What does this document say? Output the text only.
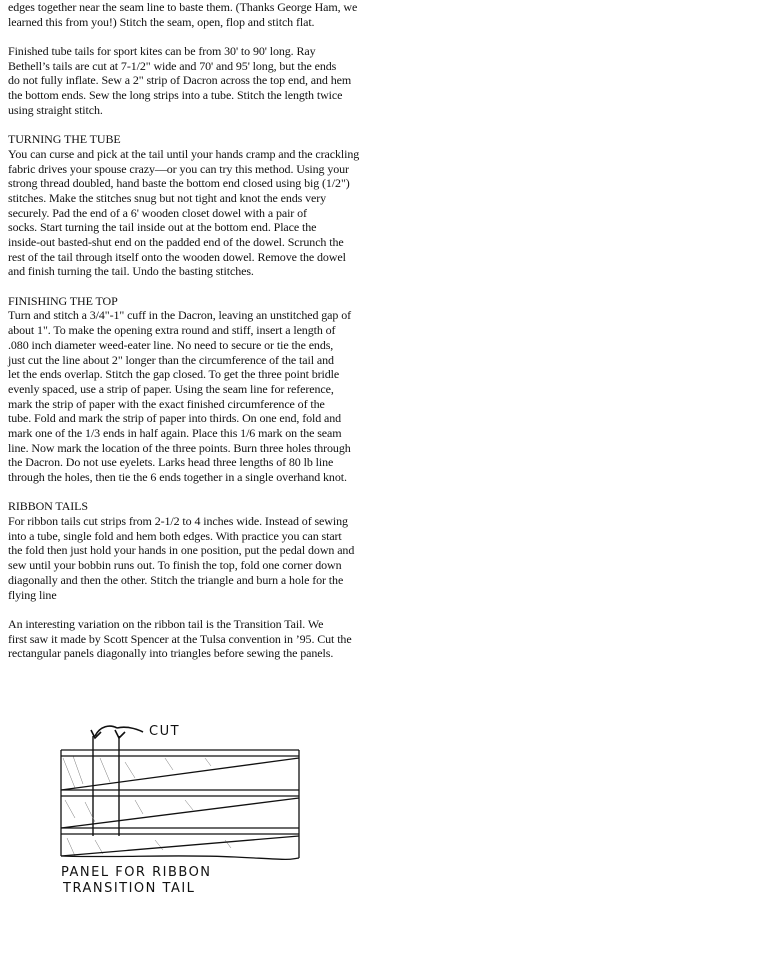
edges together near the seam line to baste them. (Thanks George Ham, we
learned this from you!) Stitch the seam, open, flop and stitch flat.
Finished tube tails for sport kites can be from 30' to 90' long. Ray
Bethell’s tails are cut at 7-1/2" wide and 70' and 95' long, but the ends
do not fully inflate. Sew a 2" strip of Dacron across the top end, and hem
the bottom ends. Sew the long strips into a tube. Stitch the length twice
using straight stitch.
TURNING THE TUBE
You can curse and pick at the tail until your hands cramp and the crackling
fabric drives your spouse crazy—or you can try this method. Using your
strong thread doubled, hand baste the bottom end closed using big (1/2")
stitches. Make the stitches snug but not tight and knot the ends very
securely. Pad the end of a 6' wooden closet dowel with a pair of
socks. Start turning the tail inside out at the bottom end. Place the
inside-out basted-shut end on the padded end of the dowel. Scrunch the
rest of the tail through itself onto the wooden dowel. Remove the dowel
and finish turning the tail. Undo the basting stitches.
FINISHING THE TOP
Turn and stitch a 3/4"-1" cuff in the Dacron, leaving an unstitched gap of
about 1". To make the opening extra round and stiff, insert a length of
.080 inch diameter weed-eater line. No need to secure or tie the ends,
just cut the line about 2" longer than the circumference of the tail and
let the ends overlap. Stitch the gap closed. To get the three point bridle
evenly spaced, use a strip of paper. Using the seam line for reference,
mark the strip of paper with the exact finished circumference of the
tube. Fold and mark the strip of paper into thirds. On one end, fold and
mark one of the 1/3 ends in half again. Place this 1/6 mark on the seam
line. Now mark the location of the three points. Burn three holes through
the Dacron. Do not use eyelets. Larks head three lengths of 80 lb line
through the holes, then tie the 6 ends together in a single overhand knot.
RIBBON TAILS
For ribbon tails cut strips from 2-1/2 to 4 inches wide. Instead of sewing
into a tube, single fold and hem both edges. With practice you can start
the fold then just hold your hands in one position, put the pedal down and
sew until your bobbin runs out. To finish the top, fold one corner down
diagonally and then the other. Stitch the triangle and burn a hole for the
flying line
An interesting variation on the ribbon tail is the Transition Tail. We
first saw it made by Scott Spencer at the Tulsa convention in ’95. Cut the
rectangular panels diagonally into triangles before sewing the panels.
CUT
PANEL FOR RIBBON
TRANSITION TAIL
